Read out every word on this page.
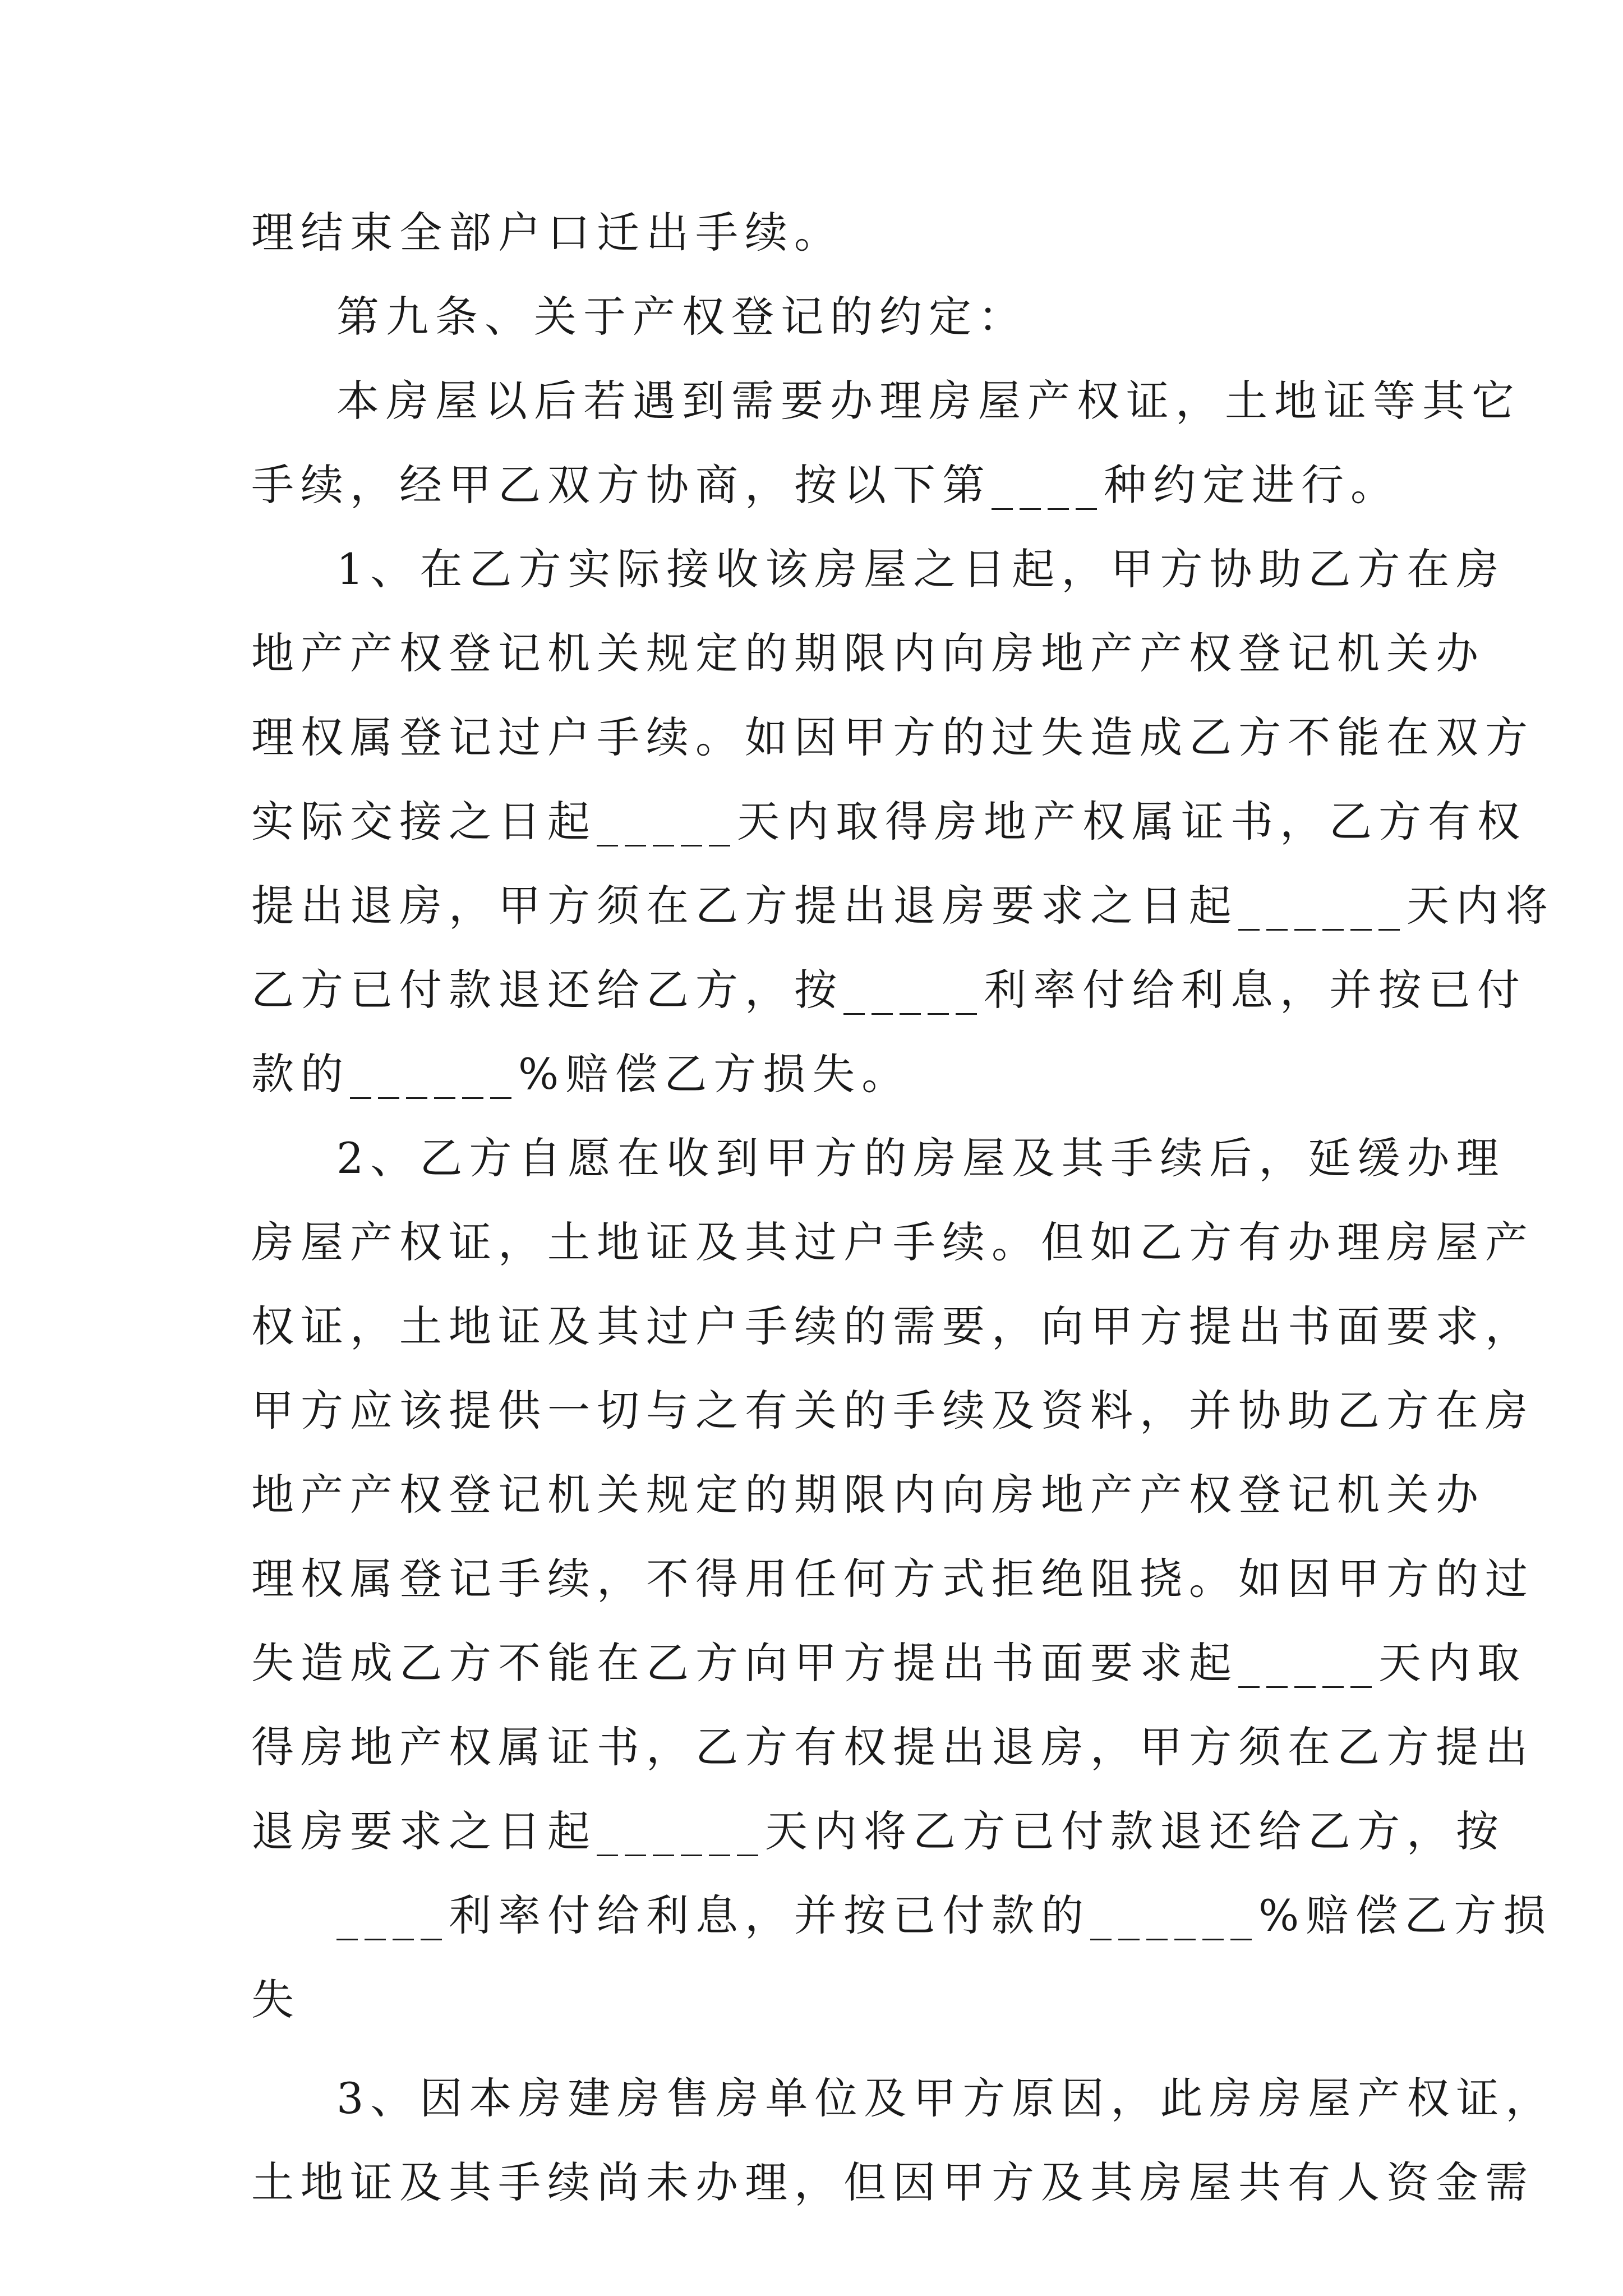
理结束全部户口迁出手续。
第九条、关于产权登记的约定：
本房屋以后若遇到需要办理房屋产权证，土地证等其它
手续，经甲乙双方协商，按以下第____种约定进行。
1、在乙方实际接收该房屋之日起，甲方协助乙方在房
地产产权登记机关规定的期限内向房地产产权登记机关办
理权属登记过户手续。如因甲方的过失造成乙方不能在双方
实际交接之日起_____天内取得房地产权属证书，乙方有权
提出退房，甲方须在乙方提出退房要求之日起______天内将
乙方已付款退还给乙方，按_____利率付给利息，并按已付
款的______%赔偿乙方损失。
2、乙方自愿在收到甲方的房屋及其手续后，延缓办理
房屋产权证，土地证及其过户手续。但如乙方有办理房屋产
权证，土地证及其过户手续的需要，向甲方提出书面要求，
甲方应该提供一切与之有关的手续及资料，并协助乙方在房
地产产权登记机关规定的期限内向房地产产权登记机关办
理权属登记手续，不得用任何方式拒绝阻挠。如因甲方的过
失造成乙方不能在乙方向甲方提出书面要求起_____天内取
得房地产权属证书，乙方有权提出退房，甲方须在乙方提出
退房要求之日起______天内将乙方已付款退还给乙方，按
____利率付给利息，并按已付款的______%赔偿乙方损
失
3、因本房建房售房单位及甲方原因，此房房屋产权证，
土地证及其手续尚未办理，但因甲方及其房屋共有人资金需
